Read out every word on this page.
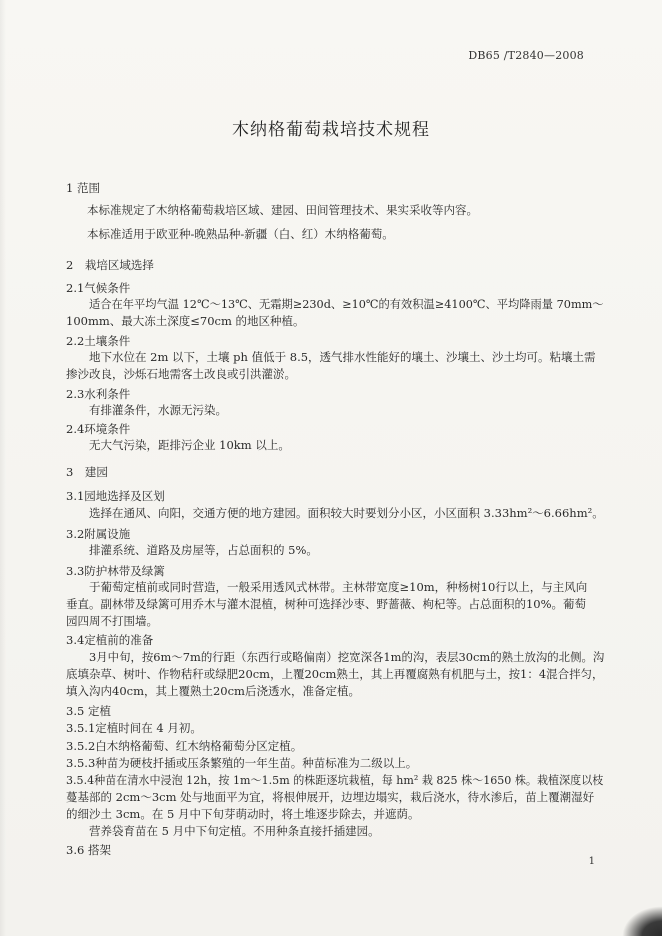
DB65 /T2840—2008
木纳格葡萄栽培技术规程
1 范围
本标准规定了木纳格葡萄栽培区域、建园、田间管理技术、果实采收等内容。
本标准适用于欧亚种-晚熟品种-新疆（白、红）木纳格葡萄。
2　栽培区域选择
2.1气候条件
适合在年平均气温 12℃～13℃、无霜期≥230d、≥10℃的有效积温≥4100℃、平均降雨量 70mm～
100mm、最大冻土深度≤70cm 的地区种植。
2.2土壤条件
地下水位在 2m 以下，土壤 ph 值低于 8.5，透气排水性能好的壤土、沙壤土、沙土均可。粘壤土需
掺沙改良，沙烁石地需客土改良或引洪灌淤。
2.3水利条件
有排灌条件，水源无污染。
2.4环境条件
无大气污染，距排污企业 10km 以上。
3　建园
3.1园地选择及区划
选择在通风、向阳，交通方便的地方建园。面积较大时要划分小区，小区面积 3.33hm²～6.66hm²。
3.2附属设施
排灌系统、道路及房屋等，占总面积的 5%。
3.3防护林带及绿篱
于葡萄定植前或同时营造，一般采用透风式林带。主林带宽度≥10m，种杨树10行以上，与主风向
垂直。副林带及绿篱可用乔木与灌木混植，树种可选择沙枣、野蔷薇、枸杞等。占总面积的10%。葡萄
园四周不打围墙。
3.4定植前的准备
3月中旬，按6m～7m的行距（东西行或略偏南）挖宽深各1m的沟，表层30cm的熟土放沟的北侧。沟
底填杂草、树叶、作物秸秆或绿肥20cm，上覆20cm熟土，其上再覆腐熟有机肥与土，按1：4混合拌匀，
填入沟内40cm，其上覆熟土20cm后浇透水，准备定植。
3.5 定植
3.5.1定植时间在 4 月初。
3.5.2白木纳格葡萄、红木纳格葡萄分区定植。
3.5.3种苗为硬枝扦插或压条繁殖的一年生苗。种苗标准为二级以上。
3.5.4种苗在清水中浸泡 12h，按 1m～1.5m 的株距逐坑栽植，每 hm² 栽 825 株～1650 株。栽植深度以枝
蔓基部的 2cm～3cm 处与地面平为宜，将根伸展开，边埋边塌实，栽后浇水，待水渗后，苗上覆潮湿好
的细沙土 3cm。在 5 月中下旬芽萌动时，将土堆逐步除去，并遮荫。
营养袋育苗在 5 月中下旬定植。不用种条直接扦插建园。
3.6 搭架
1
